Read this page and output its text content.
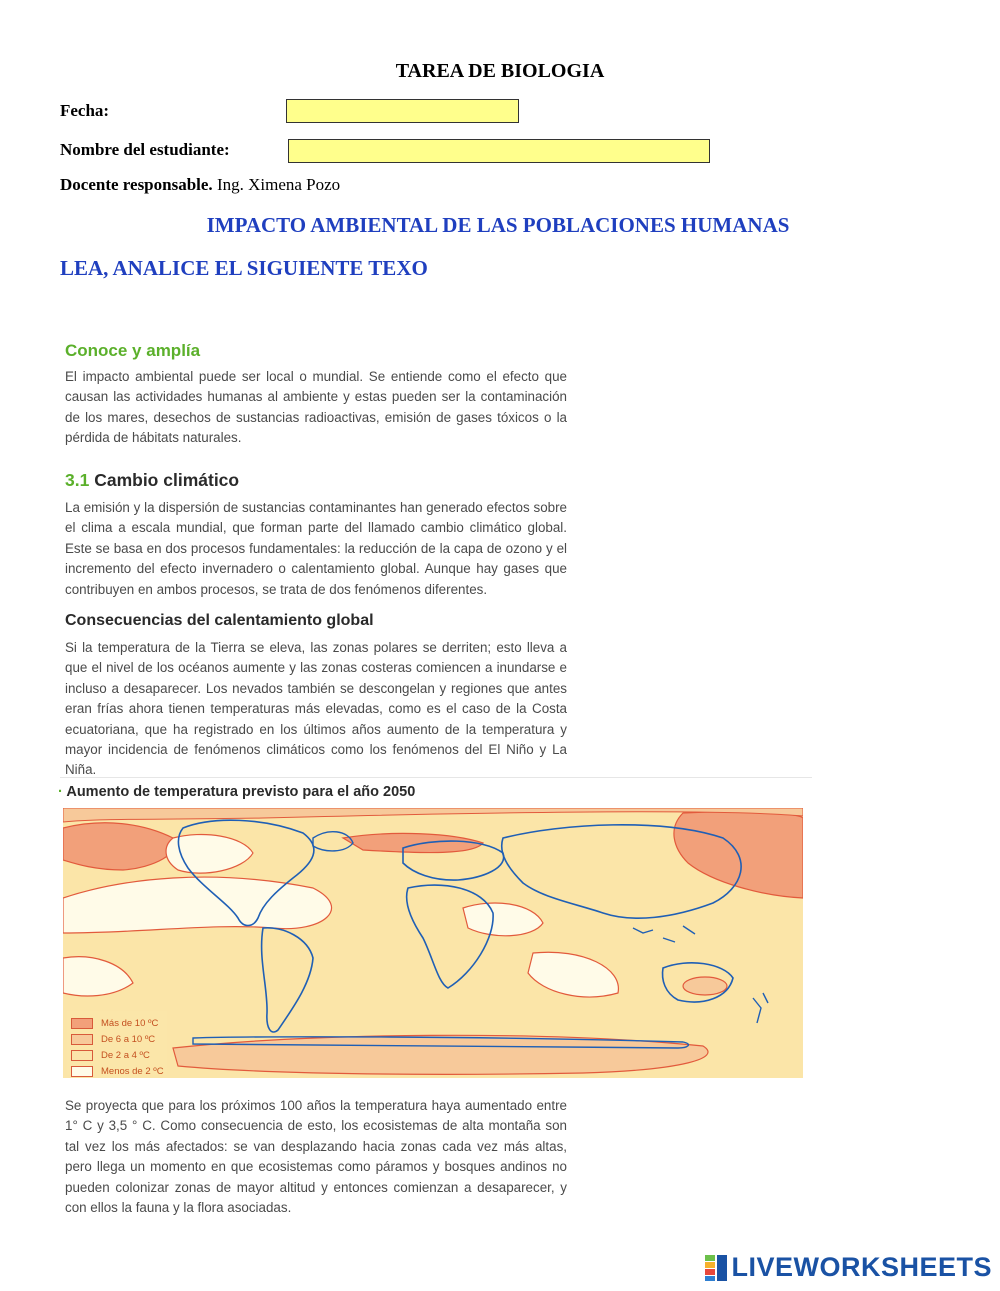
TAREA DE BIOLOGIA
Fecha:
Nombre del estudiante:
Docente responsable. Ing. Ximena Pozo
IMPACTO AMBIENTAL DE LAS POBLACIONES HUMANAS
LEA, ANALICE EL SIGUIENTE TEXO
Conoce y amplía
El impacto ambiental puede ser local o mundial. Se entiende como el efecto que causan las actividades humanas al ambiente y estas pueden ser la contaminación de los mares, desechos de sustancias radioactivas, emisión de gases tóxicos o la pérdida de hábitats naturales.
3.1 Cambio climático
La emisión y la dispersión de sustancias contaminantes han generado efectos sobre el clima a escala mundial, que forman parte del llamado cambio climático global. Este se basa en dos procesos fundamentales: la reducción de la capa de ozono y el incremento del efecto invernadero o calentamiento global. Aunque hay gases que contribuyen en ambos procesos, se trata de dos fenómenos diferentes.
Consecuencias del calentamiento global
Si la temperatura de la Tierra se eleva, las zonas polares se derriten; esto lleva a que el nivel de los océanos aumente y las zonas costeras comiencen a inundarse e incluso a desaparecer. Los nevados también se descongelan y regiones que antes eran frías ahora tienen temperaturas más elevadas, como es el caso de la Costa ecuatoriana, que ha registrado en los últimos años aumento de la temperatura y mayor incidencia de fenómenos climáticos como los fenómenos del El Niño y La Niña.
· Aumento de temperatura previsto para el año 2050
Más de 10 ºC
De 6 a 10 ºC
De 2 a 4 ºC
Menos de 2 ºC
Se proyecta que para los próximos 100 años la temperatura haya aumentado entre 1° C y 3,5 ° C. Como consecuencia de esto, los ecosistemas de alta montaña son tal vez los más afectados: se van desplazando hacia zonas cada vez más altas, pero llega un momento en que ecosistemas como páramos y bosques andinos no pueden colonizar zonas de mayor altitud y entonces comienzan a desaparecer, y con ellos la fauna y la flora asociadas.
LIVEWORKSHEETS
